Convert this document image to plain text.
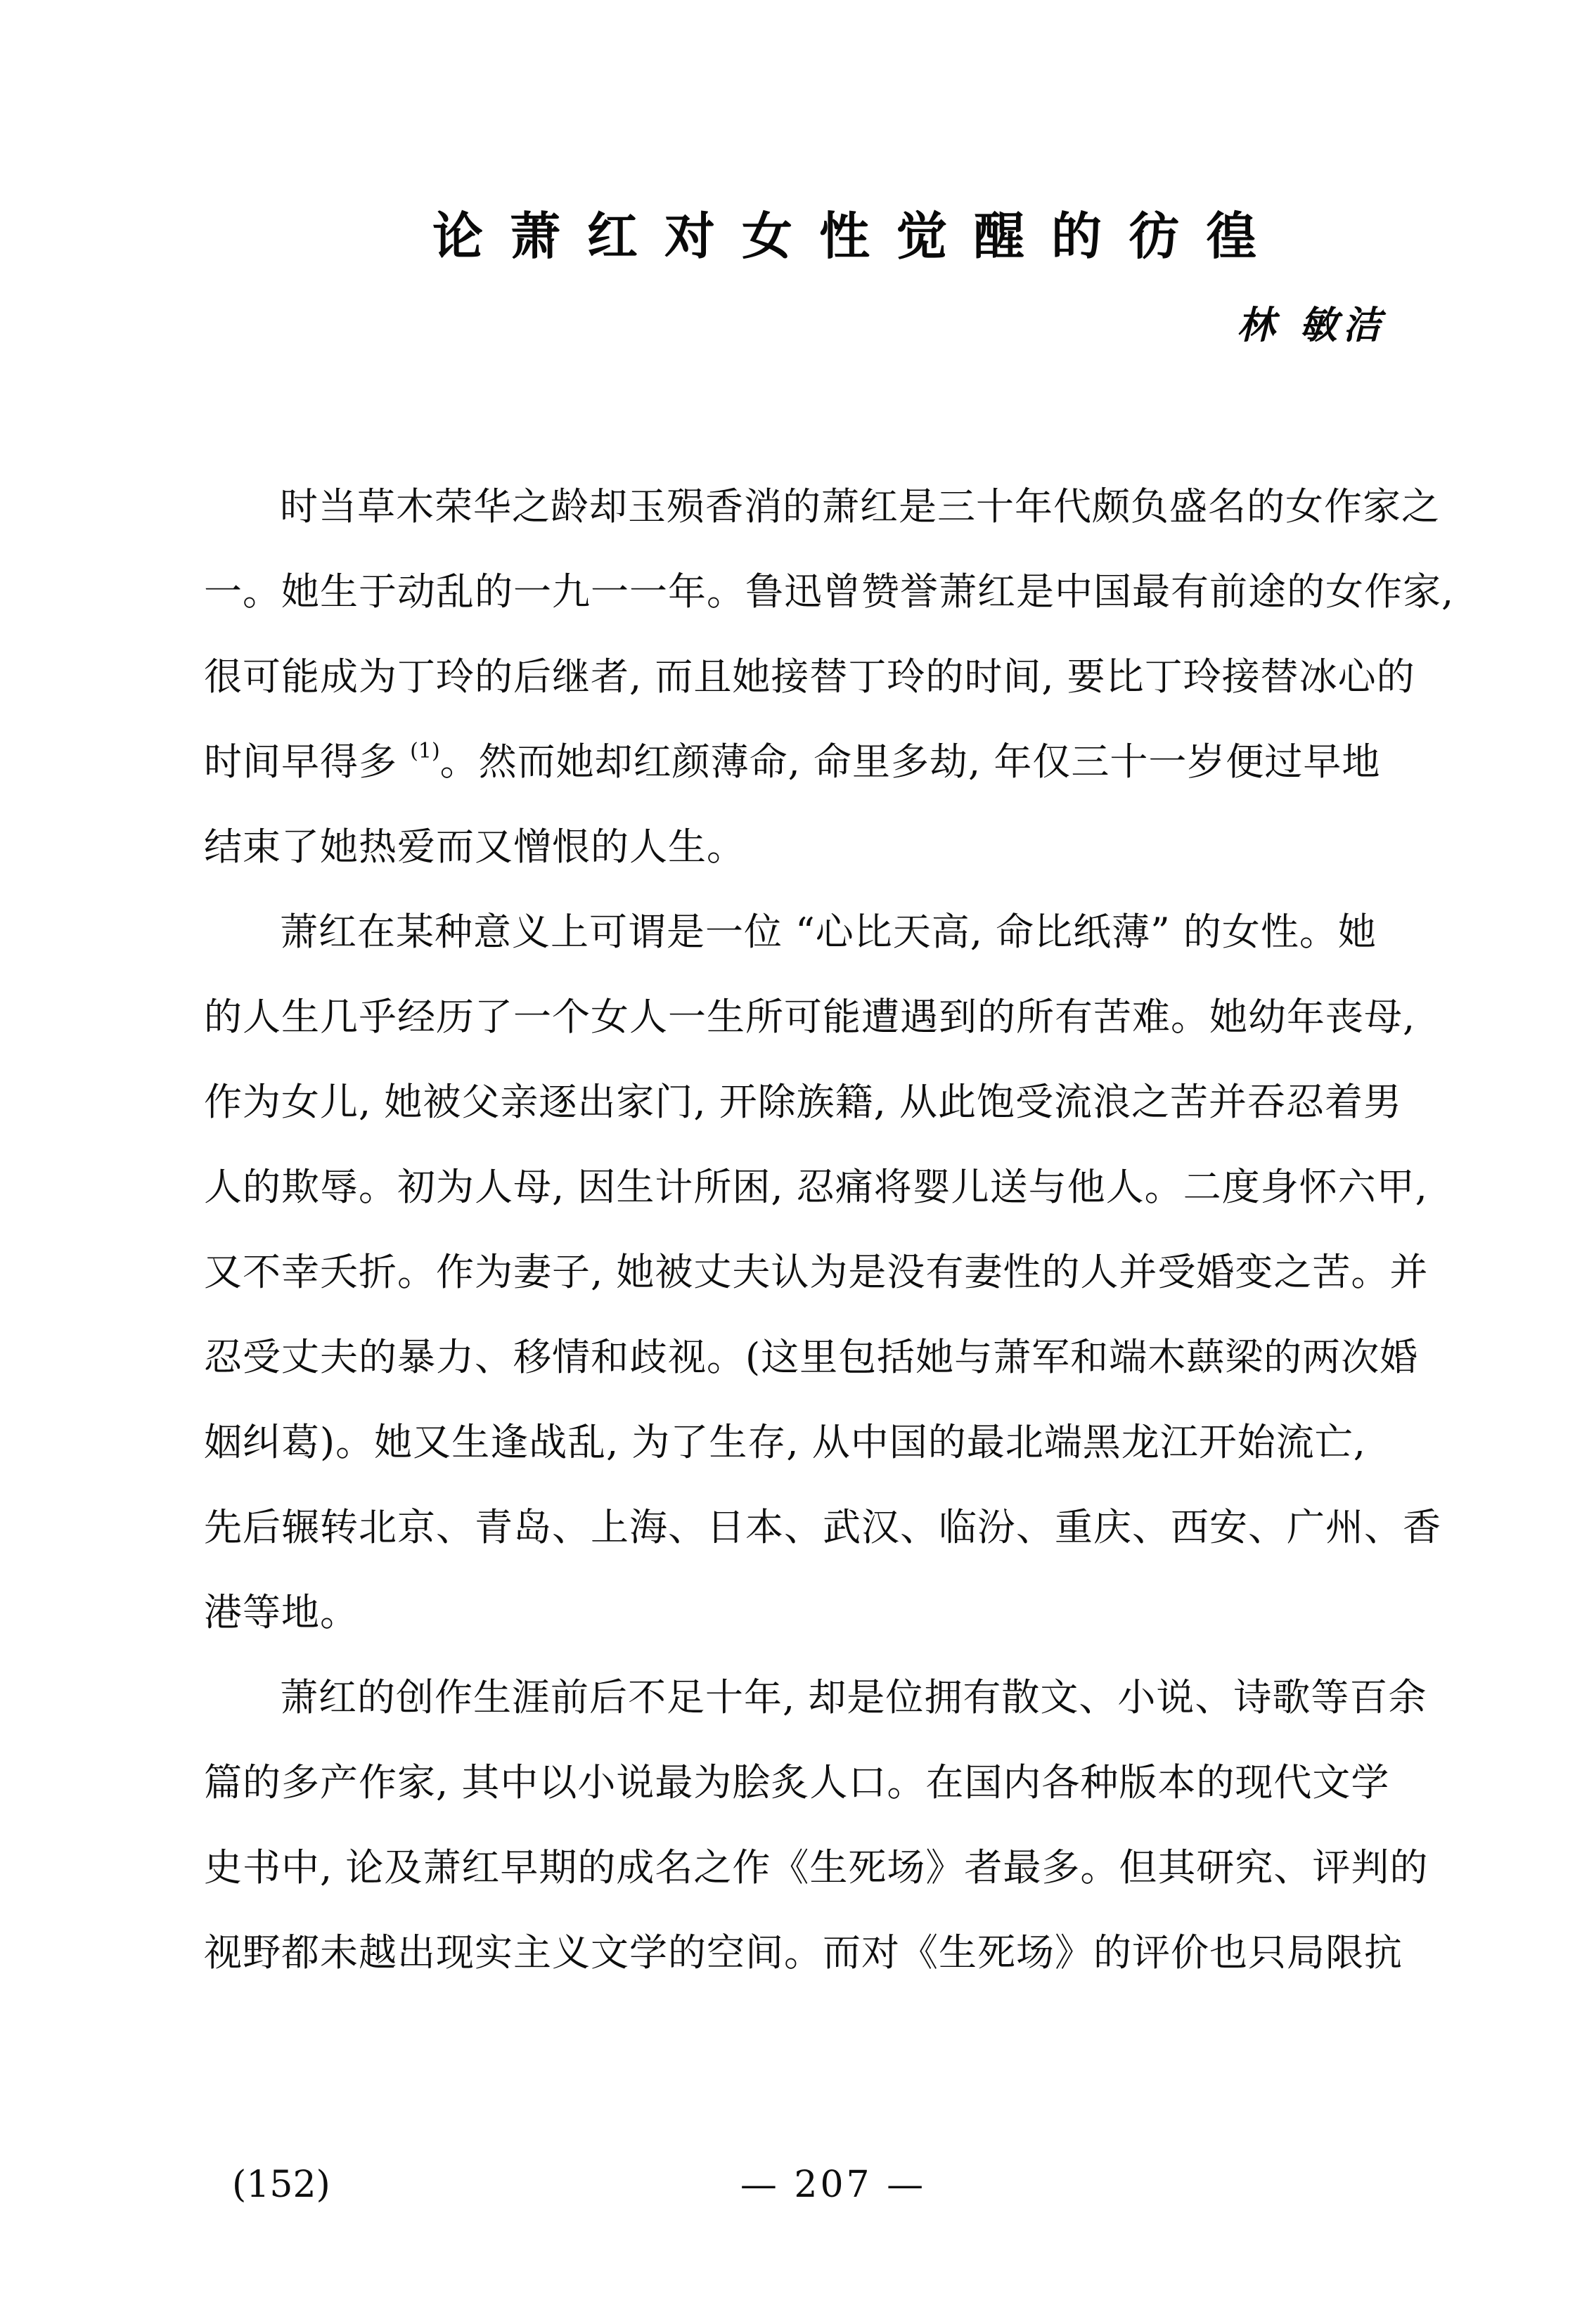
论萧红对女性觉醒的彷徨
林 敏洁
时当草木荣华之龄却玉殒香消的萧红是三十年代颇负盛名的女作家之
一。她生于动乱的一九一一年。鲁迅曾赞誉萧红是中国最有前途的女作家,
很可能成为丁玲的后继者, 而且她接替丁玲的时间, 要比丁玲接替冰心的
时间早得多 $^{(1)}$。然而她却红颜薄命, 命里多劫, 年仅三十一岁便过早地
结束了她热爱而又憎恨的人生。
萧红在某种意义上可谓是一位 “心比天高, 命比纸薄” 的女性。她
的人生几乎经历了一个女人一生所可能遭遇到的所有苦难。她幼年丧母,
作为女儿, 她被父亲逐出家门, 开除族籍, 从此饱受流浪之苦并吞忍着男
人的欺辱。初为人母, 因生计所困, 忍痛将婴儿送与他人。二度身怀六甲,
又不幸夭折。作为妻子, 她被丈夫认为是没有妻性的人并受婚变之苦。并
忍受丈夫的暴力、移情和歧视。(这里包括她与萧军和端木蕻梁的两次婚
姻纠葛)。她又生逢战乱, 为了生存, 从中国的最北端黑龙江开始流亡,
先后辗转北京、青岛、上海、日本、武汉、临汾、重庆、西安、广州、香
港等地。
萧红的创作生涯前后不足十年, 却是位拥有散文、小说、诗歌等百余
篇的多产作家, 其中以小说最为脍炙人口。在国内各种版本的现代文学
史书中, 论及萧红早期的成名之作《生死场》者最多。但其研究、评判的
视野都未越出现实主义文学的空间。而对《生死场》的评价也只局限抗
(152)	— 207 —
